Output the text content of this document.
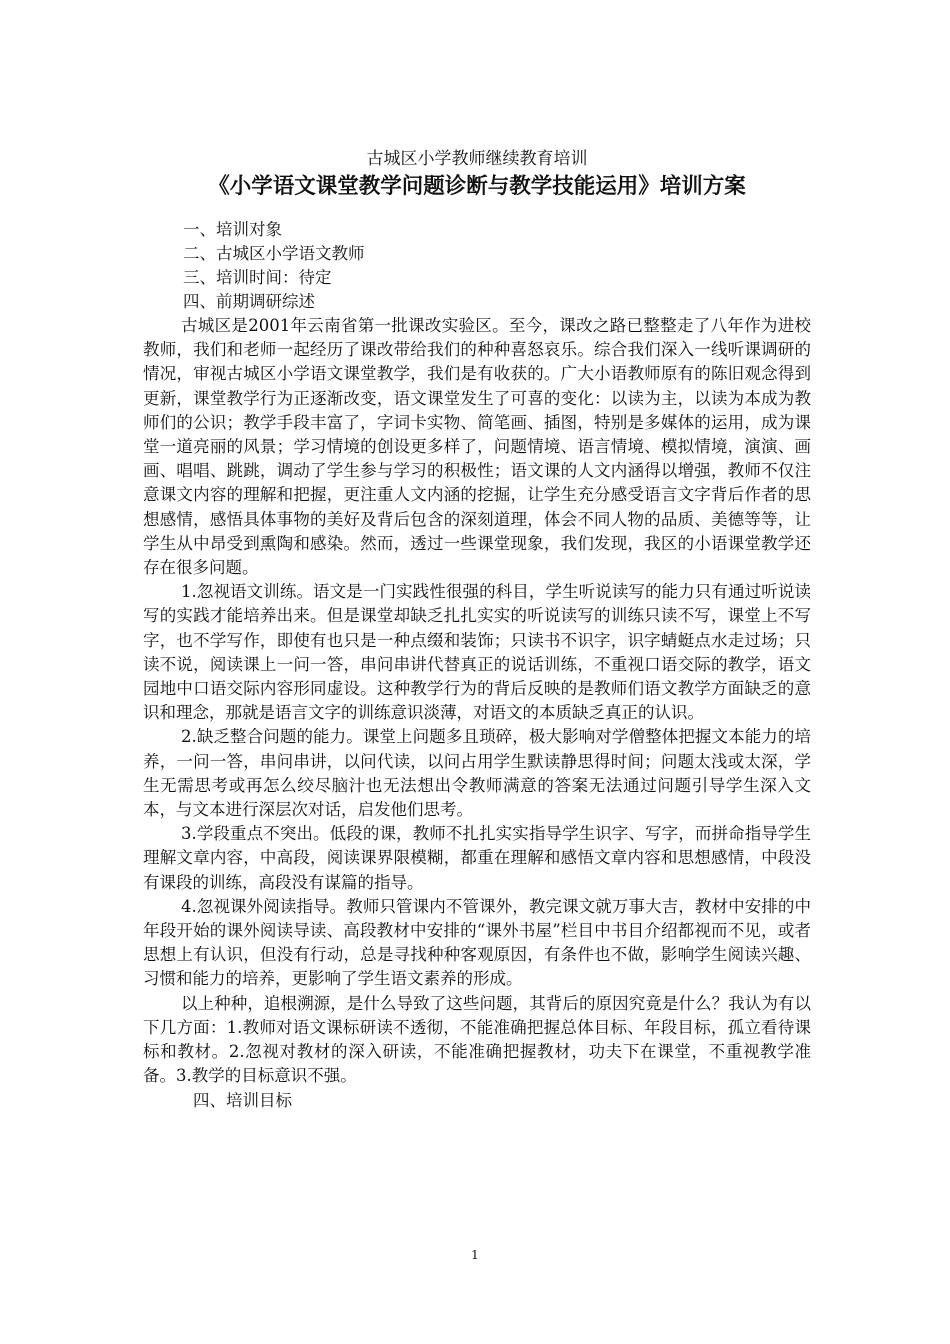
古城区小学教师继续教育培训

《小学语文课堂教学问题诊断与教学技能运用》培训方案

一、培训对象

二、古城区小学语文教师

三、培训时间：待定

四、前期调研综述

古城区是2001年云南省第一批课改实验区。至今，课改之路已整整走了八年作为进校教师，我们和老师一起经历了课改带给我们的种种喜怒哀乐。综合我们深入一线听课调研的情况，审视古城区小学语文课堂教学，我们是有收获的。广大小语教师原有的陈旧观念得到更新，课堂教学行为正逐渐改变，语文课堂发生了可喜的变化：以读为主，以读为本成为教师们的公识；教学手段丰富了，字词卡实物、简笔画、插图，特别是多媒体的运用，成为课堂一道亮丽的风景；学习情境的创设更多样了，问题情境、语言情境、模拟情境，演演、画画、唱唱、跳跳，调动了学生参与学习的积极性；语文课的人文内涵得以增强，教师不仅注意课文内容的理解和把握，更注重人文内涵的挖掘，让学生充分感受语言文字背后作者的思想感情，感悟具体事物的美好及背后包含的深刻道理，体会不同人物的品质、美德等等，让学生从中昂受到熏陶和感染。然而，透过一些课堂现象，我们发现，我区的小语课堂教学还存在很多问题。

1.忽视语文训练。语文是一门实践性很强的科目，学生听说读写的能力只有通过听说读写的实践才能培养出来。但是课堂却缺乏扎扎实实的听说读写的训练只读不写，课堂上不写字，也不学写作，即使有也只是一种点缀和装饰；只读书不识字，识字蜻蜓点水走过场；只读不说，阅读课上一问一答，串问串讲代替真正的说话训练，不重视口语交际的教学，语文园地中口语交际内容形同虚设。这种教学行为的背后反映的是教师们语文教学方面缺乏的意识和理念，那就是语言文字的训练意识淡薄，对语文的本质缺乏真正的认识。

2.缺乏整合问题的能力。课堂上问题多且琐碎，极大影响对学僧整体把握文本能力的培养，一问一答，串问串讲，以问代读，以问占用学生默读静思得时间；问题太浅或太深，学生无需思考或再怎么绞尽脑汁也无法想出令教师满意的答案无法通过问题引导学生深入文本，与文本进行深层次对话，启发他们思考。

3.学段重点不突出。低段的课，教师不扎扎实实指导学生识字、写字，而拼命指导学生理解文章内容，中高段，阅读课界限模糊，都重在理解和感悟文章内容和思想感情，中段没有课段的训练，高段没有谋篇的指导。

4.忽视课外阅读指导。教师只管课内不管课外，教完课文就万事大吉，教材中安排的中年段开始的课外阅读导读、高段教材中安排的“课外书屋”栏目中书目介绍都视而不见，或者思想上有认识，但没有行动，总是寻找种种客观原因，有条件也不做，影响学生阅读兴趣、习惯和能力的培养，更影响了学生语文素养的形成。

以上种种，追根溯源，是什么导致了这些问题，其背后的原因究竟是什么？我认为有以下几方面：1.教师对语文课标研读不透彻，不能准确把握总体目标、年段目标，孤立看待课标和教材。2.忽视对教材的深入研读，不能准确把握教材，功夫下在课堂，不重视教学准备。3.教学的目标意识不强。

四、培训目标

1
